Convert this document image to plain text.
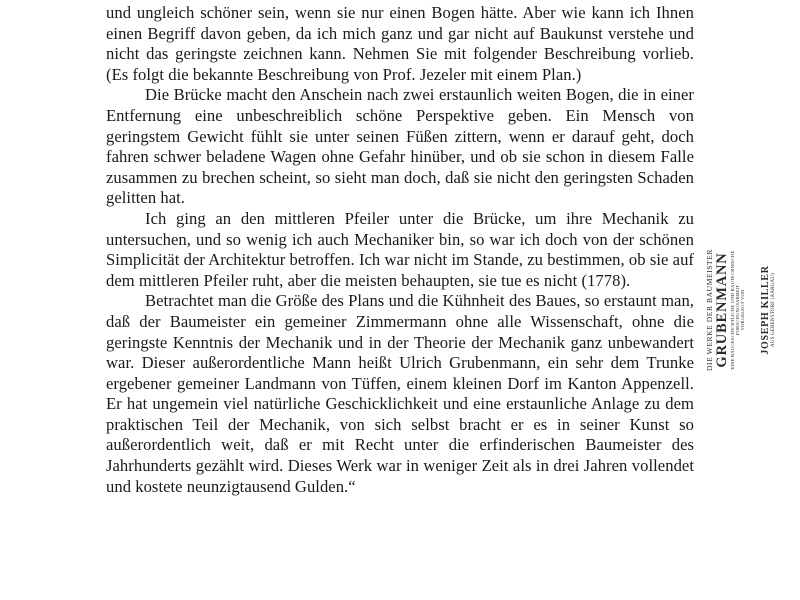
und ungleich schöner sein, wenn sie nur einen Bogen hätte. Aber wie kann ich Ihnen einen Begriff davon geben, da ich mich ganz und gar nicht auf Baukunst verstehe und nicht das geringste zeichnen kann. Nehmen Sie mit folgender Beschreibung vorlieb. (Es folgt die bekannte Beschreibung von Prof. Jezeler mit einem Plan.)

Die Brücke macht den Anschein nach zwei erstaunlich weiten Bogen, die in einer Entfernung eine unbeschreiblich schöne Perspektive geben. Ein Mensch von geringstem Gewicht fühlt sie unter seinen Füßen zittern, wenn er darauf geht, doch fahren schwer beladene Wagen ohne Gefahr hinüber, und ob sie schon in diesem Falle zusammen zu brechen scheint, so sieht man doch, daß sie nicht den geringsten Schaden gelitten hat.

Ich ging an den mittleren Pfeiler unter die Brücke, um ihre Mechanik zu untersuchen, und so wenig ich auch Mechaniker bin, so war ich doch von der schönen Simplicität der Architektur betroffen. Ich war nicht im Stande, zu bestimmen, ob sie auf dem mittleren Pfeiler ruht, aber die meisten behaupten, sie tue es nicht (1778).

Betrachtet man die Größe des Plans und die Kühnheit des Baues, so erstaunt man, daß der Baumeister ein gemeiner Zimmermann ohne alle Wissenschaft, ohne die geringste Kenntnis der Mechanik und in der Theorie der Mechanik ganz unbewandert war. Dieser außerordentliche Mann heißt Ulrich Grubenmann, ein sehr dem Trunke ergebener gemeiner Landmann von Tüffen, einem kleinen Dorf im Kanton Appenzell. Er hat ungemein viel natürliche Geschicklichkeit und eine erstaunliche Anlage zu dem praktischen Teil der Mechanik, von sich selbst bracht er es in seiner Kunst so außerordentlich weit, daß er mit Recht unter die erfinderischen Baumeister des Jahrhunderts gezählt wird. Dieses Werk war in weniger Zeit als in drei Jahren vollendet und kostete neunzigtausend Gulden.“

DIE WERKE DER BAUMEISTER GRUBENMANN EINE BAUGESCHICHTLICHE UND BAUTECHNISCHE FORSCHUNGSARBEIT VORGELEGT VON JOSEPH KILLER AUS GEBENSTORF (AARGAU)
